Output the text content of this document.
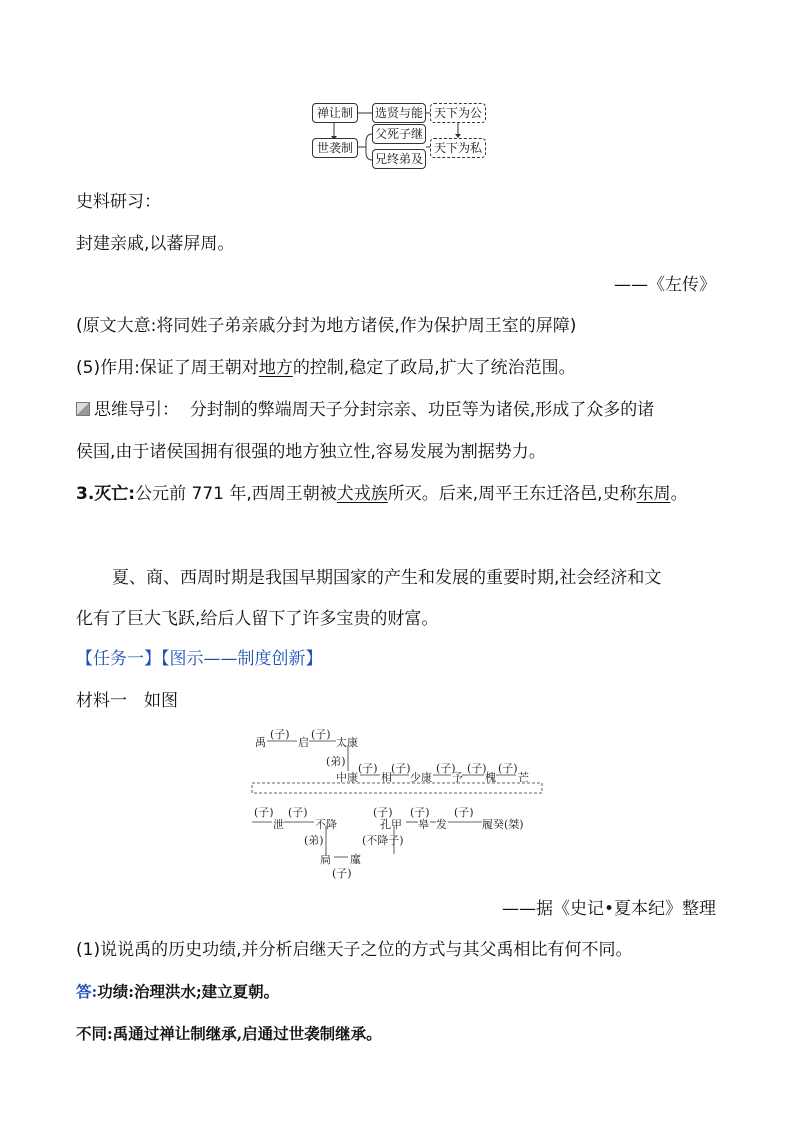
禅让制	选贤与能 天下为公
世袭制
父死子继
兄终弟及
天下为私
史料研习：
封建亲戚,以蕃屏周。
——《左传》
(原文大意:将同姓子弟亲戚分封为地方诸侯,作为保护周王室的屏障)
(5)作用:保证了周王朝对地方的控制,稳定了政局,扩大了统治范围。
思维导引： 分封制的弊端周天子分封宗亲、功臣等为诸侯,形成了众多的诸
侯国,由于诸侯国拥有很强的地方独立性,容易发展为割据势力。
3.灭亡:公元前 771 年,西周王朝被犬戎族所灭。后来,周平王东迁洛邑,史称东周。
夏、商、西周时期是我国早期国家的产生和发展的重要时期,社会经济和文
化有了巨大飞跃,给后人留下了许多宝贵的财富。
【任务一】【图示——制度创新】
材料一　如图
(子) (子)
禹	启 太康
(弟)
(子) (子) (子) (子) (子)
中康 相 少康 予 槐 芒
(子) (子)	(子) (子) (子)
泄	不降	孔甲 皋 发	履癸(桀)
(弟)	(不降子)
扃 廑
(子)
——据《史记•夏本纪》整理
(1)说说禹的历史功绩,并分析启继天子之位的方式与其父禹相比有何不同。
答:功绩:治理洪水;建立夏朝。
不同:禹通过禅让制继承,启通过世袭制继承。
